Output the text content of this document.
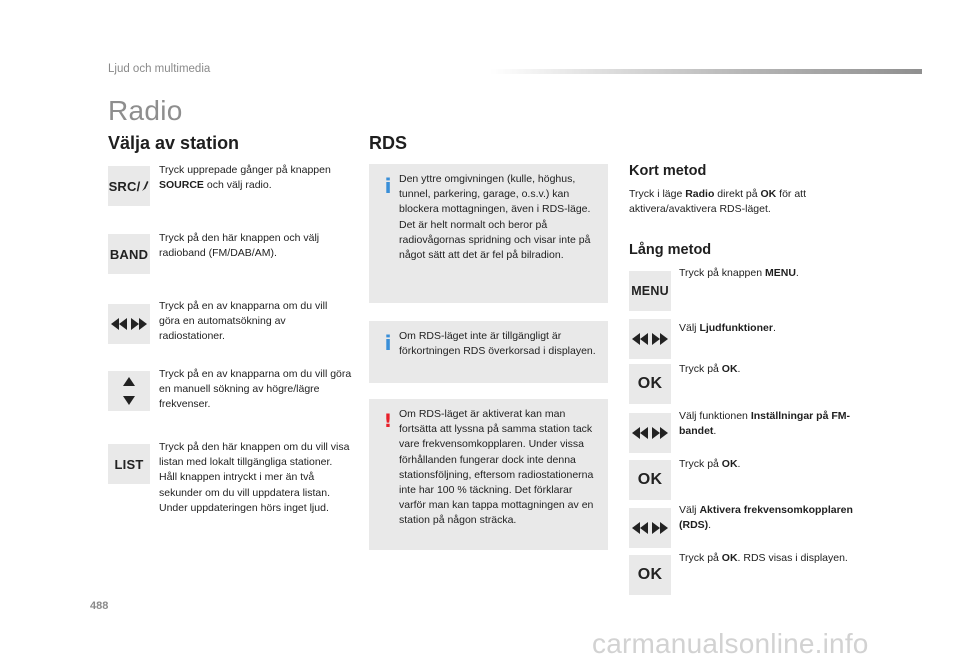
Ljud och multimedia
Radio
Välja av station
SRC/
Tryck upprepade gånger på knappen SOURCE och välj radio.
BAND
Tryck på den här knappen och välj radioband (FM/DAB/AM).
Tryck på en av knapparna om du vill göra en automatsökning av radiostationer.
Tryck på en av knapparna om du vill göra en manuell sökning av högre/lägre frekvenser.
LIST
Tryck på den här knappen om du vill visa listan med lokalt tillgängliga stationer.
Håll knappen intryckt i mer än två sekunder om du vill uppdatera listan. Under uppdateringen hörs inget ljud.
RDS
i Den yttre omgivningen (kulle, höghus, tunnel, parkering, garage, o.s.v.) kan blockera mottagningen, även i RDS-läge. Det är helt normalt och beror på radiovågornas spridning och visar inte på något sätt att det är fel på bilradion.
i Om RDS-läget inte är tillgängligt är förkortningen RDS överkorsad i displayen.
! Om RDS-läget är aktiverat kan man fortsätta att lyssna på samma station tack vare frekvensomkopplaren. Under vissa förhållanden fungerar dock inte denna stationsföljning, eftersom radiostationerna inte har 100 % täckning. Det förklarar varför man kan tappa mottagningen av en station på någon sträcka.
Kort metod
Tryck i läge Radio direkt på OK för att aktivera/avaktivera RDS-läget.
Lång metod
MENU
Tryck på knappen MENU.
Välj Ljudfunktioner.
OK
Tryck på OK.
Välj funktionen Inställningar på FM-bandet.
OK
Tryck på OK.
Välj Aktivera frekvensomkopplaren (RDS).
OK
Tryck på OK. RDS visas i displayen.
488
carmanualsonline.info
